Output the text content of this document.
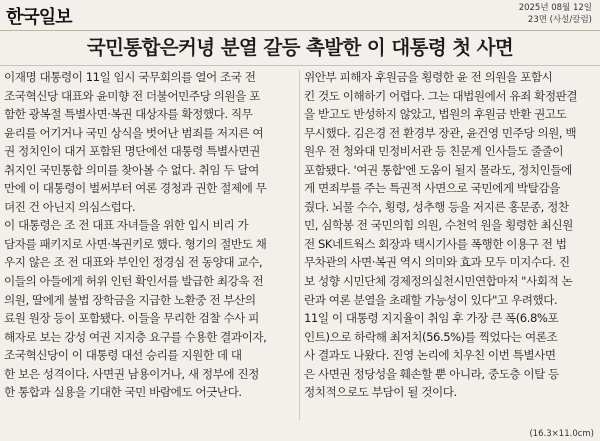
한국일보	2025년 08월 12일
23면 (사설/칼럼)
국민통합은커녕 분열 갈등 촉발한 이 대통령 첫 사면
이재명 대통령이 11일 임시 국무회의를 열어 조국 전
조국혁신당 대표와 윤미향 전 더불어민주당 의원을 포
함한 광복절 특별사면·복권 대상자를 확정했다. 직무
윤리를 어기거나 국민 상식을 벗어난 범죄를 저지른 여
권 정치인이 대거 포함된 명단에선 대통령 특별사면권
취지인 국민통합 의미를 찾아볼 수 없다. 취임 두 달여
만에 이 대통령이 벌써부터 여론 경청과 권한 절제에 무
뎌진 건 아닌지 의심스럽다.
이 대통령은 조 전 대표 자녀들을 위한 입시 비리 가
담자를 패키지로 사면·복권키로 했다. 형기의 절반도 채
우지 않은 조 전 대표와 부인인 정경심 전 동양대 교수,
이들의 아들에게 허위 인턴 확인서를 발급한 최강욱 전
의원, 딸에게 불법 장학금을 지급한 노환중 전 부산의
료원 원장 등이 포함됐다. 이들을 무리한 검찰 수사 피
해자로 보는 강성 여권 지지층 요구를 수용한 결과이자,
조국혁신당이 이 대통령 대선 승리를 지원한 데 대
한 보은 성격이다. 사면권 남용이거나, 새 정부에 진정
한 통합과 실용을 기대한 국민 바람에도 어긋난다.
위안부 피해자 후원금을 횡령한 윤 전 의원을 포함시
킨 것도 이해하기 어렵다. 그는 대법원에서 유죄 확정판결
을 받고도 반성하지 않았고, 법원의 후원금 반환 권고도
무시했다. 김은경 전 환경부 장관, 윤건영 민주당 의원, 백
원우 전 청와대 민정비서관 등 친문계 인사들도 줄줄이
포함됐다. '여권 통합'엔 도움이 될지 몰라도, 정치인들에
게 면죄부를 주는 특권적 사면으로 국민에게 박탈감을
줬다. 뇌물 수수, 횡령, 성추행 등을 저지른 홍문종, 정찬
민, 심학봉 전 국민의힘 의원, 수천억 원을 횡령한 최신원
전 SK네트웍스 회장과 택시기사를 폭행한 이용구 전 법
무차관의 사면·복권 역시 의미와 효과 모두 미지수다. 진
보 성향 시민단체 경제정의실천시민연합마저 "사회적 논
란과 여론 분열을 초래할 가능성이 있다"고 우려했다.
11일 이 대통령 지지율이 취임 후 가장 큰 폭(6.8%포
인트)으로 하락해 최저치(56.5%)를 찍었다는 여론조
사 결과도 나왔다. 진영 논리에 치우친 이번 특별사면
은 사면권 정당성을 훼손할 뿐 아니라, 중도층 이탈 등
정치적으로도 부담이 될 것이다.
(16.3×11.0cm)
